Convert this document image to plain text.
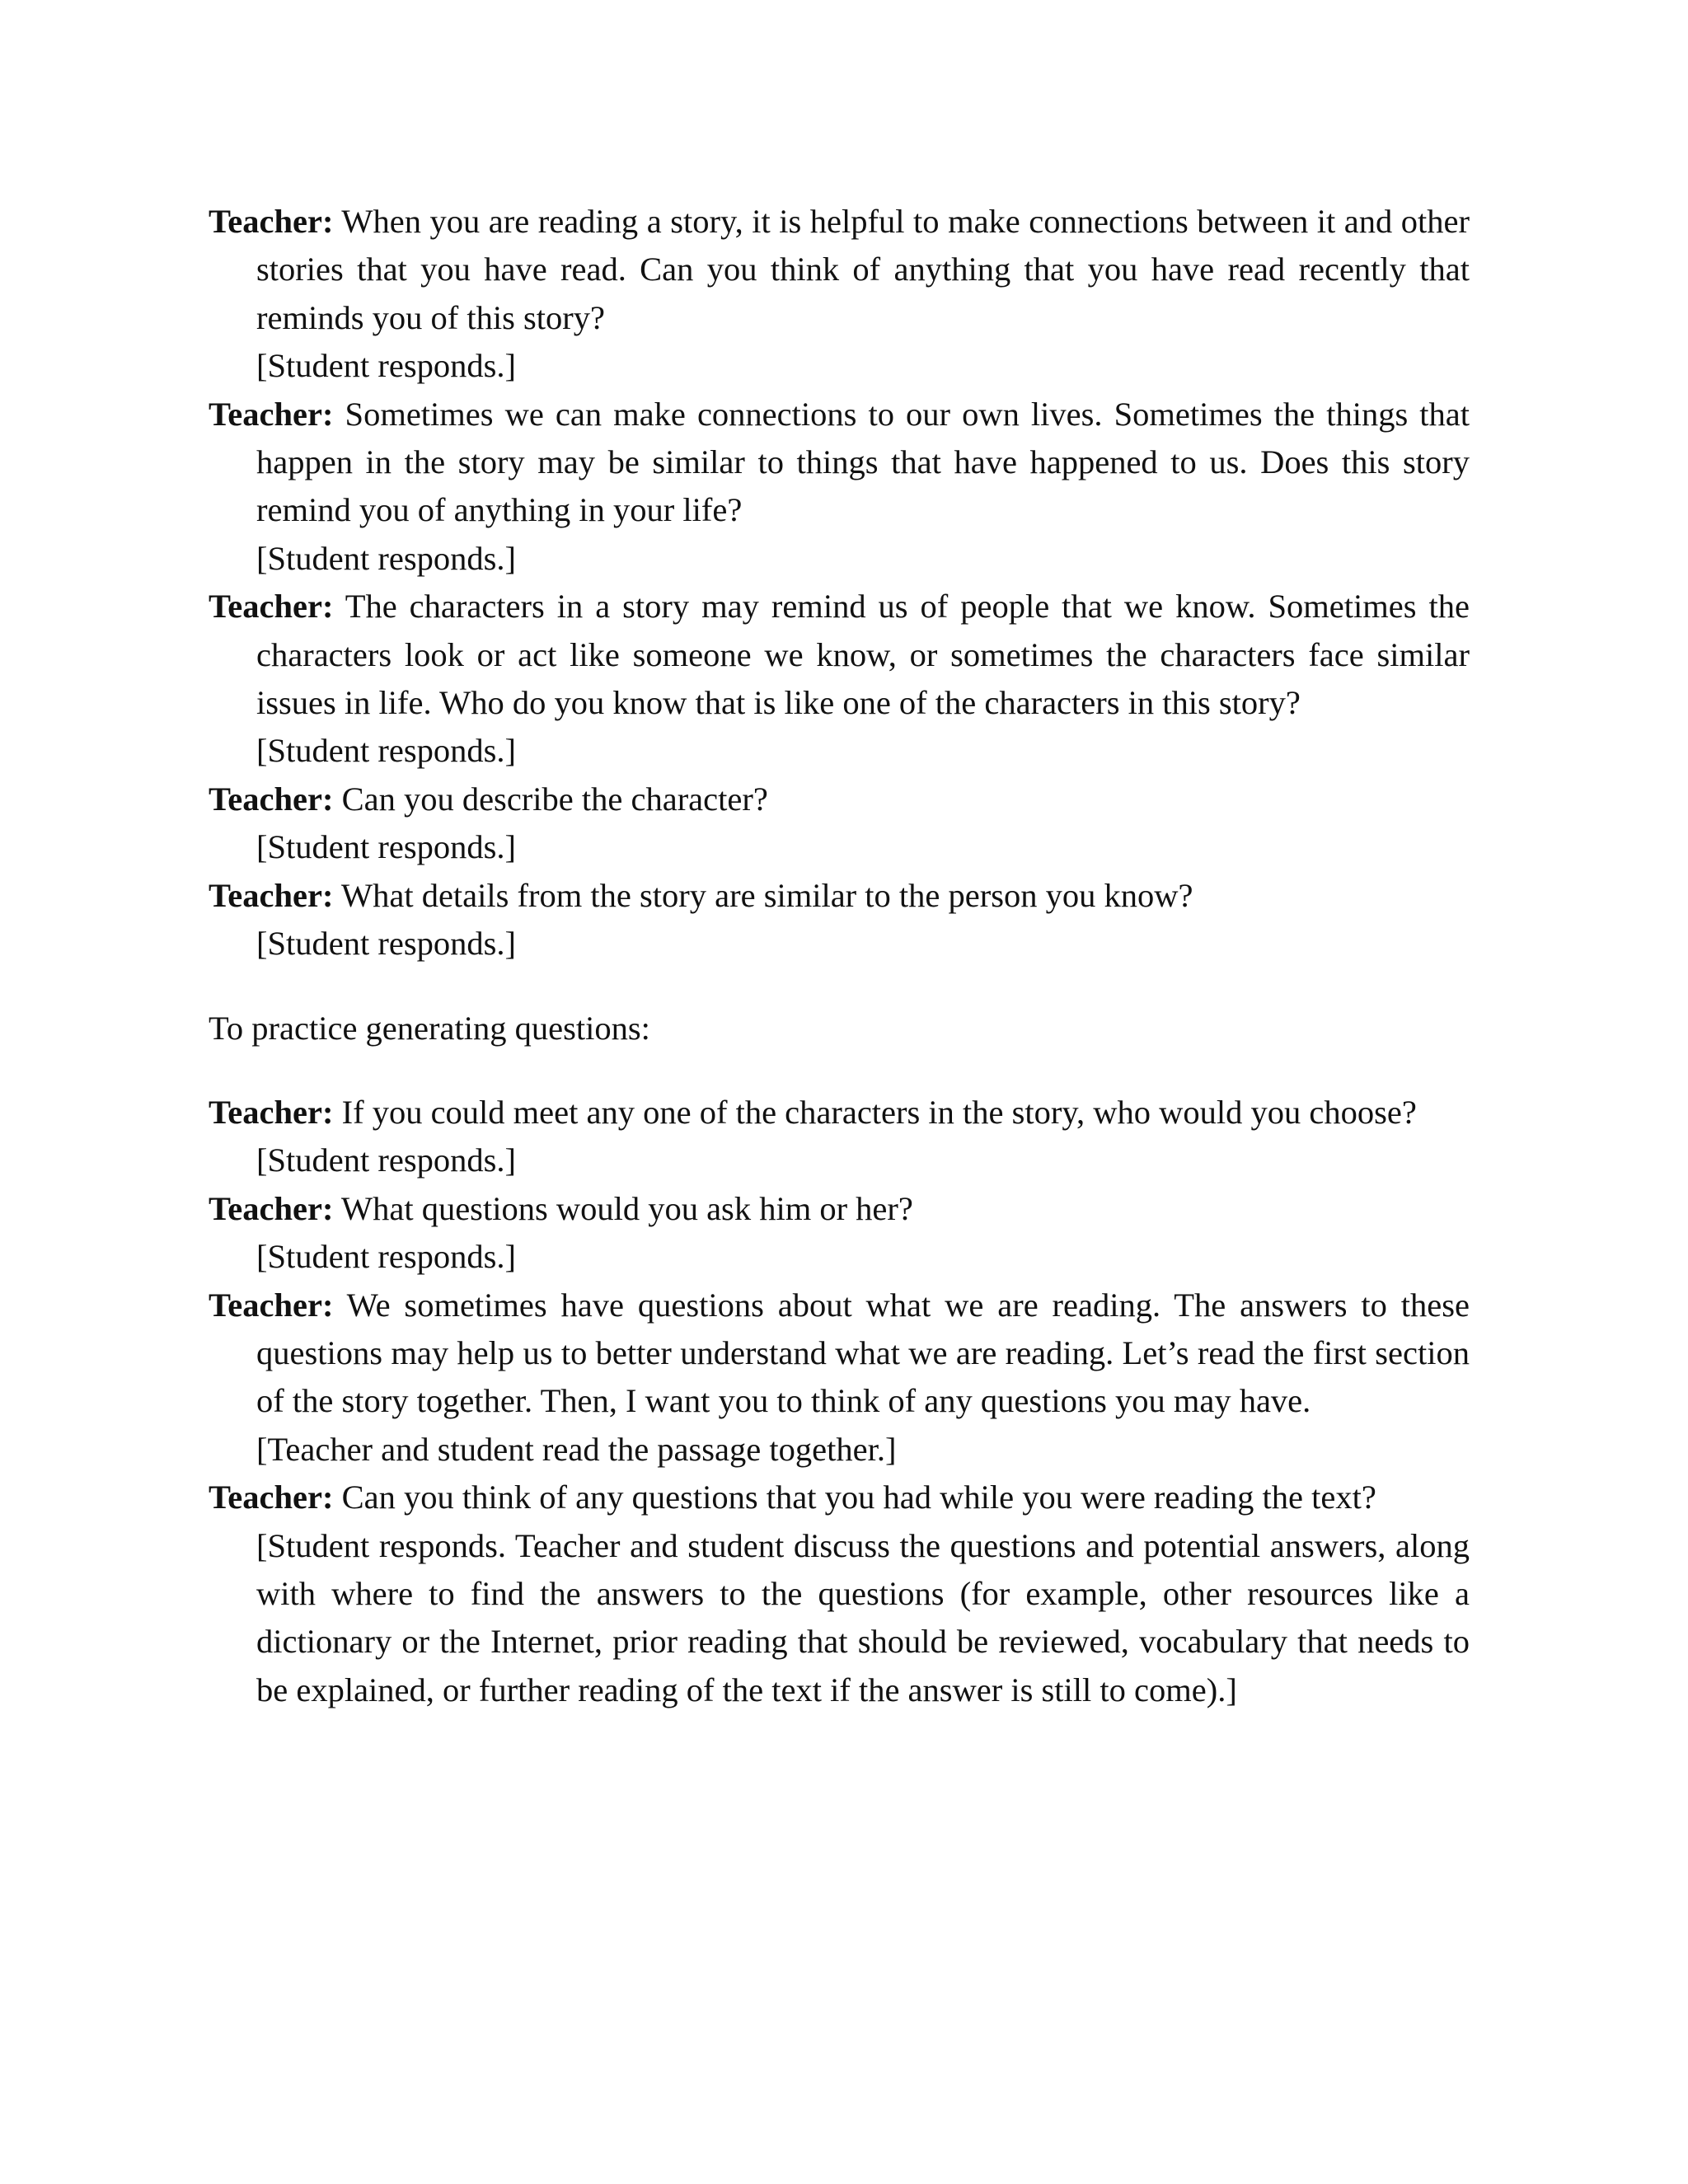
Teacher: When you are reading a story, it is helpful to make connections between it and other stories that you have read. Can you think of anything that you have read recently that reminds you of this story?

[Student responds.]

Teacher: Sometimes we can make connections to our own lives. Sometimes the things that happen in the story may be similar to things that have happened to us. Does this story remind you of anything in your life?

[Student responds.]

Teacher: The characters in a story may remind us of people that we know. Sometimes the characters look or act like someone we know, or sometimes the characters face similar issues in life. Who do you know that is like one of the characters in this story?

[Student responds.]

Teacher: Can you describe the character?

[Student responds.]

Teacher: What details from the story are similar to the person you know?

[Student responds.]

To practice generating questions:

Teacher: If you could meet any one of the characters in the story, who would you choose?

[Student responds.]

Teacher: What questions would you ask him or her?

[Student responds.]

Teacher: We sometimes have questions about what we are reading. The answers to these questions may help us to better understand what we are reading. Let’s read the first section of the story together. Then, I want you to think of any questions you may have.

[Teacher and student read the passage together.]

Teacher: Can you think of any questions that you had while you were reading the text?

[Student responds. Teacher and student discuss the questions and potential answers, along with where to find the answers to the questions (for example, other resources like a dictionary or the Internet, prior reading that should be reviewed, vocabulary that needs to be explained, or further reading of the text if the answer is still to come).]
